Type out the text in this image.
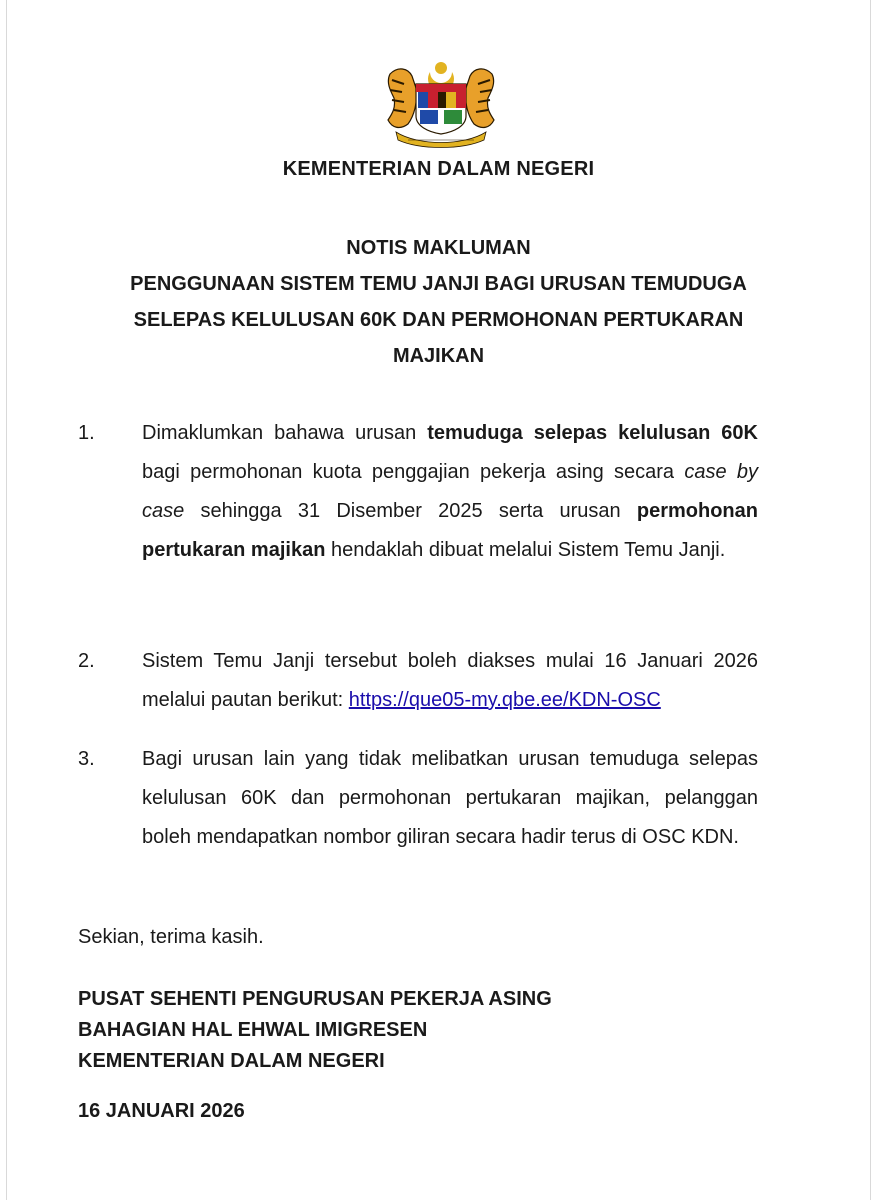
KEMENTERIAN DALAM NEGERI
NOTIS MAKLUMAN
PENGGUNAAN SISTEM TEMU JANJI BAGI URUSAN TEMUDUGA
SELEPAS KELULUSAN 60K DAN PERMOHONAN PERTUKARAN
MAJIKAN
1. Dimaklumkan bahawa urusan temuduga selepas kelulusan 60K bagi permohonan kuota penggajian pekerja asing secara case by case sehingga 31 Disember 2025 serta urusan permohonan pertukaran majikan hendaklah dibuat melalui Sistem Temu Janji.
2. Sistem Temu Janji tersebut boleh diakses mulai 16 Januari 2026 melalui pautan berikut: https://que05-my.qbe.ee/KDN-OSC
3. Bagi urusan lain yang tidak melibatkan urusan temuduga selepas kelulusan 60K dan permohonan pertukaran majikan, pelanggan boleh mendapatkan nombor giliran secara hadir terus di OSC KDN.
Sekian, terima kasih.
PUSAT SEHENTI PENGURUSAN PEKERJA ASING
BAHAGIAN HAL EHWAL IMIGRESEN
KEMENTERIAN DALAM NEGERI
16 JANUARI 2026
